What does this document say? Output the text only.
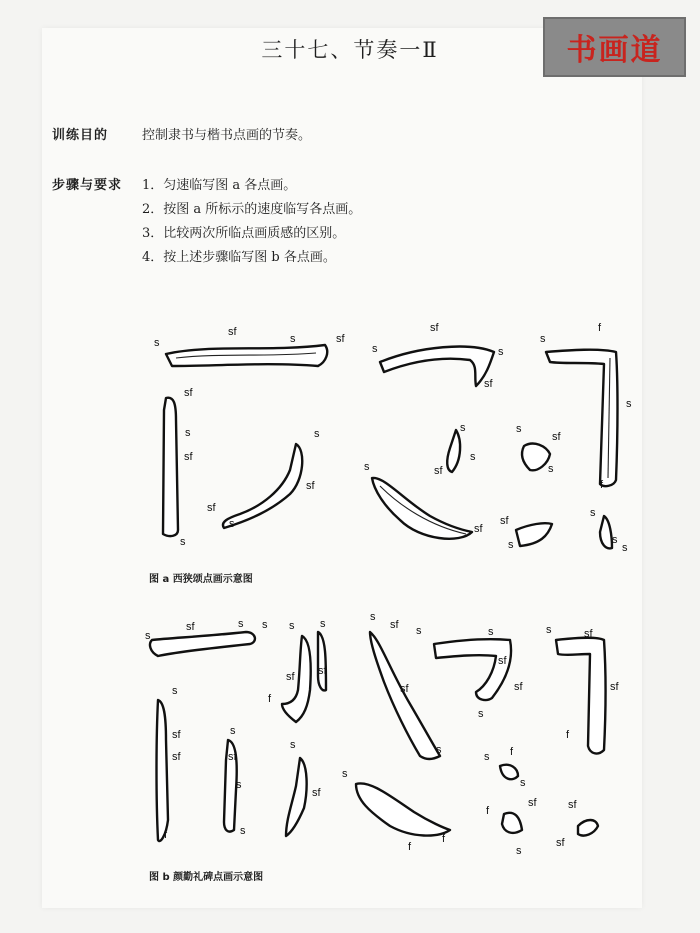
三十七、节奏一Ⅱ	书画道
训练目的	控制隶书与楷书点画的节奏。
步骤与要求 1．匀速临写图 a 各点画。
2．按图 a 所标示的速度临写各点画。
3．比较两次所临点画质感的区别。
4．按上述步骤临写图 b 各点画。
s
sf
s	sf
sf
s
sf
s
s
sf
s
sf
s	s
sf
sf
s
s
sf
s
sf
s
sf
s
sf
s
s
f
s
f
s
s
s
s
sf	s s s
sf
s
sf
s
sf
sf
f
sf
s
s
f
s
s
sf
s
sf s
sf
s
s
f
f
s
sf
s
s	sf
sf
f
sf
s f
s
f
sf
s
sf
sf
图 a 西狭颂点画示意图
图 b 颜勤礼碑点画示意图
